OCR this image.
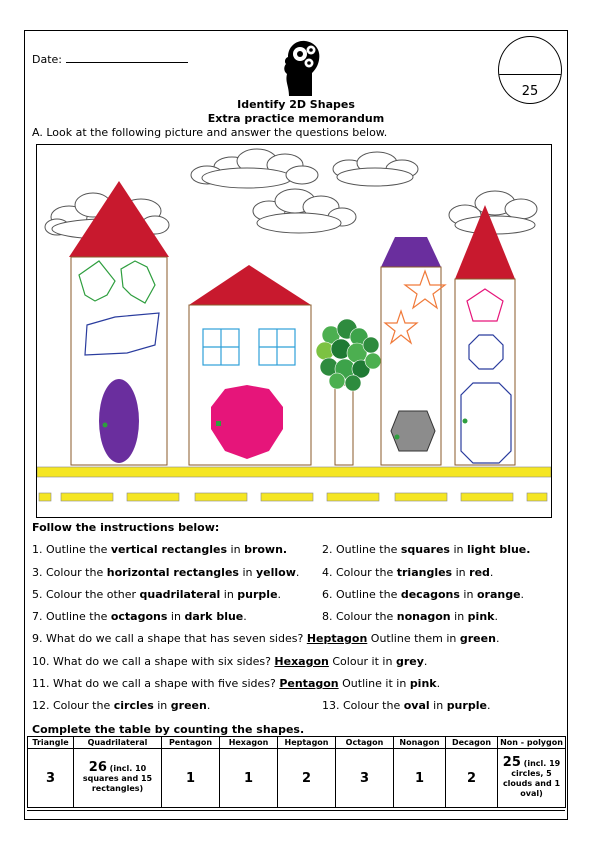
Date:
25
Identify 2D Shapes
Extra practice memorandum
A. Look at the following picture and answer the questions below.
Follow the instructions below:
1. Outline the vertical rectangles in brown.	2. Outline the squares in light blue.
3. Colour the horizontal rectangles in yellow. 4. Colour the triangles in red.
5. Colour the other quadrilateral in purple.	6. Outline the decagons in orange.
7. Outline the octagons in dark blue.	8. Colour the nonagon in pink.
9. What do we call a shape that has seven sides? Heptagon Outline them in green.
10. What do we call a shape with six sides? Hexagon Colour it in grey.
11. What do we call a shape with five sides? Pentagon Outline it in pink.
12. Colour the circles in green.	13. Colour the oval in purple.
Complete the table by counting the shapes.
Triangle	Quadrilateral	Pentagon	Hexagon	Heptagon	Octagon	Nonagon	Decagon	Non - polygon
3	26 (incl. 10 squares and 15 rectangles)	1	1	2	3	1	2	25 (incl. 19 circles, 5 clouds and 1 oval)
